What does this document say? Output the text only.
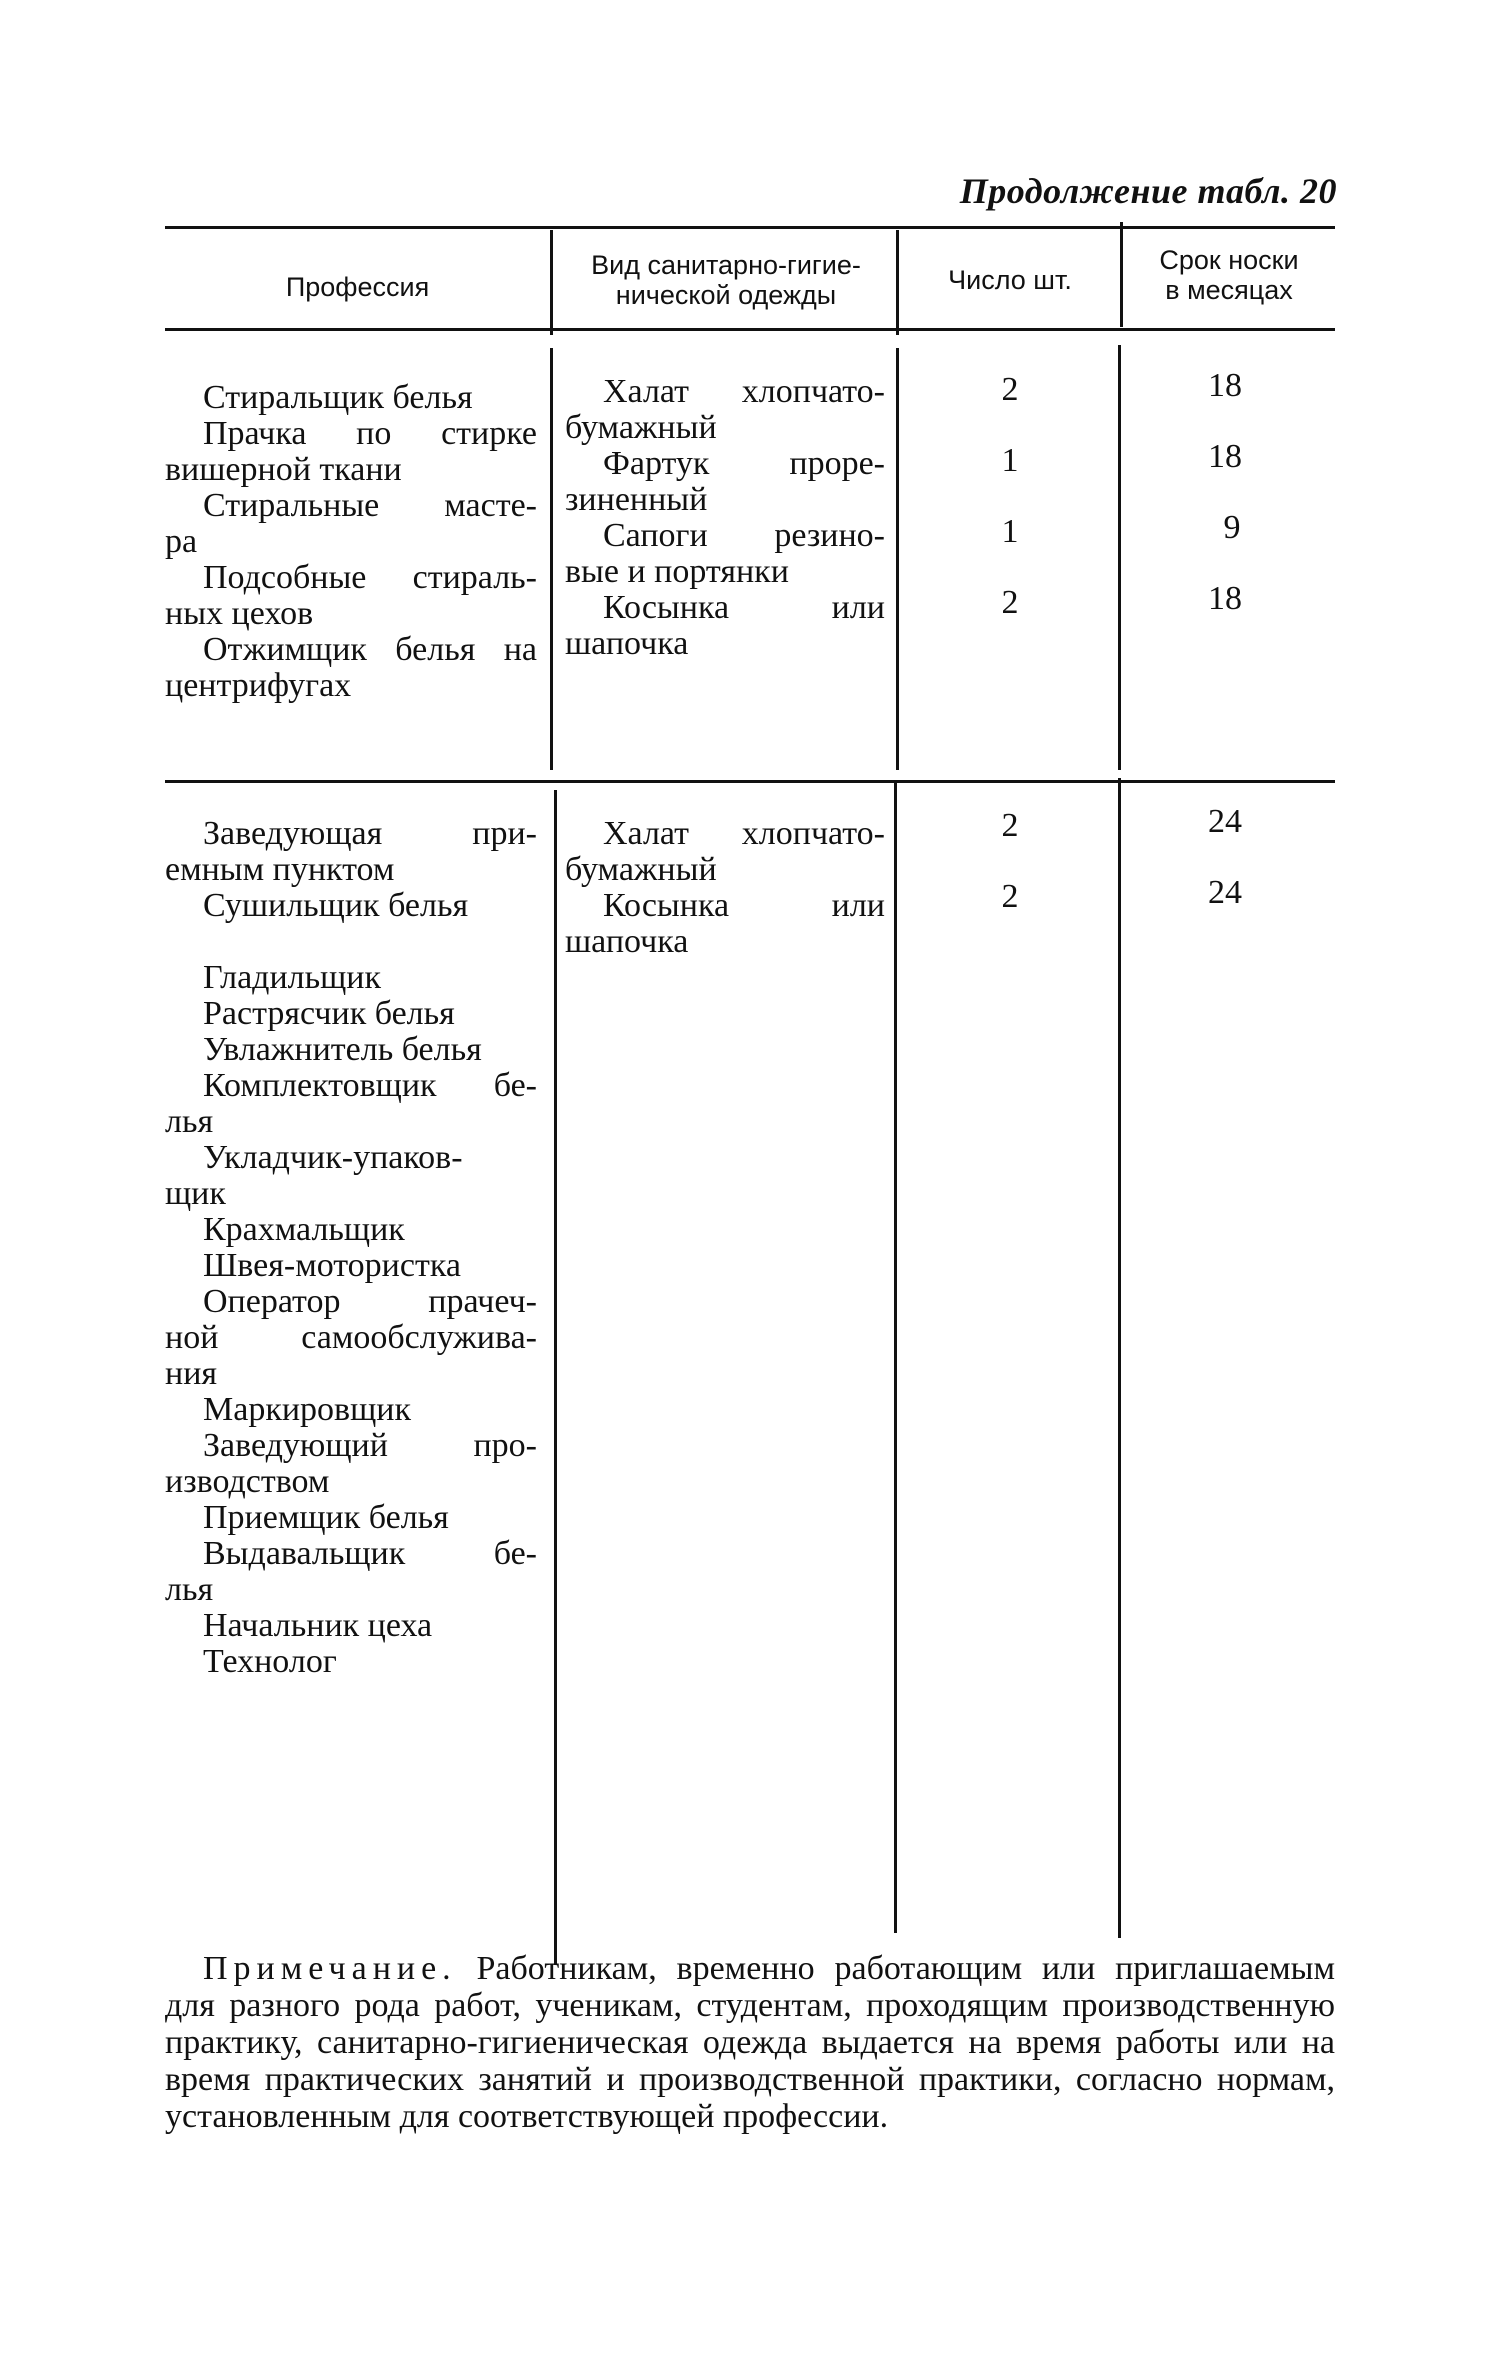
Продолжение табл. 20
Профессия
Вид санитарно-гигие-
нической одежды	Число шт.
Срок носки
в месяцах
Стиральщик белья
Прачка по стирке
вишерной ткани
Стиральные масте-
ра
Подсобные стираль-
ных цехов
Отжимщик белья на
центрифугах
Халат хлопчато-
бумажный
Фартук проре-
зиненный
Сапоги резино-
вые и портянки
Косынка или
шапочка
2
1
1
2
18
18
9
18
Заведующая при-
емным пунктом
Сушильщик белья
Гладильщик
Растрясчик белья
Увлажнитель белья
Комплектовщик бе-
лья
Укладчик-упаков-
щик
Крахмальщик
Швея-мотористка
Оператор прачеч-
ной самообслужива-
ния
Маркировщик
Заведующий про-
изводством
Приемщик белья
Выдавальщик бе-
лья
Начальник цеха
Технолог
Халат хлопчато-
бумажный
Косынка или
шапочка
2
2
24
24
Примечание. Работникам, временно работающим или приглашаемым для разного рода работ, ученикам, студентам, проходящим производственную практику, санитарно-гигиеническая одежда выдается на время работы или на время практических занятий и производственной практики, согласно нормам, установленным для соответствующей профессии.
